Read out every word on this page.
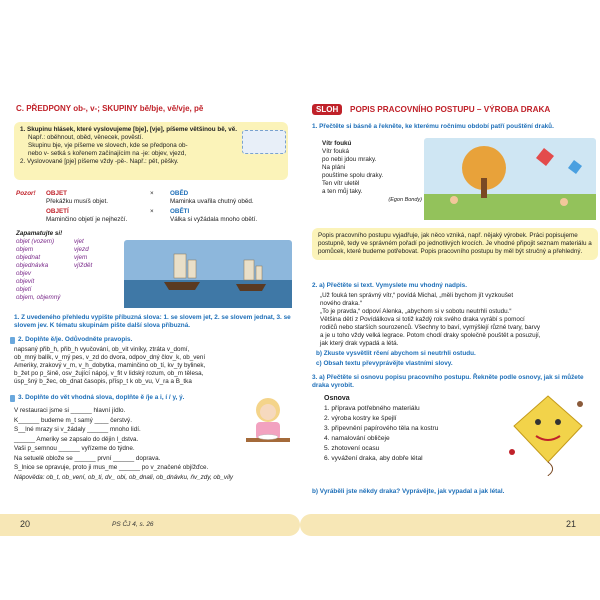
C. PŘEDPONY ob-, v-; SKUPINY bě/bje, vě/vje, pě
1. Skupinu hlásek, které vyslovujeme [bje], [vje], píšeme většinou bě, vě.
Např.: oběhnout, oběd, věnecek, pověstí.
Skupinu bje, vje píšeme ve slovech, kde se předpona ob-
nebo v- setká s kořenem začínajícím na -je: objev, vjezd,
2. Vyslovované [pje] píšeme vždy -pě-. Např.: pět, pěšky.
Pozor! OBJET	×	OBĚD
Překážku musíš objet.	Maminka uvařila chutný oběd.
OBJETÍ	×	OBĚTI
Maminčino objetí je nejhezčí.	Válka si vyžádala mnoho obětí.
Zapamatujte si!
objet (vozem)
objem
objednat
objednávka
objev
objevit
objetí
objem, objemný
vjet
vjezd
vjem
vjíždět
1. Z uvedeného přehledu vypište příbuzná slova: 1. se slovem jet, 2. se slovem jednat, 3. se slovem jev. K tématu skupinám pište další slova příbuzná.
2. Doplňte ě/je. Odůvodněte pravopis.
napsaný přib_h, přib_h vyučování, ob_vit viníky, ztráta v_domí,
ob_mný balík, v_rný pes, v_zd do dvora, odpov_dný člov_k, ob_vení
Ameriky, zrakový v_m, v_h_dobytka, maminčino ob_tí, kv_ty bylinek,
b_žet po p_šině, osv_žující nápoj, v_fit v lidský rozum, ob_m tělesa,
úsp_šný b_žec, ob_dnat časopis, přísp_t k ob_vu, V_ra a B_tka
3. Doplňte do vět vhodná slova, doplňte ě /je a i, í / y, ý.
V restauraci jsme si ______ hlavní jídlo.
K______ budeme m_t samý ____ čerstvý.
S__lné mrazy si v_žádaly ______ mnoho lidí.
______ Ameriky se zapsalo do dějin l_dstva.
Vaši p_semnou ______ vyřízeme do týdne.
Na setuelě oblože se ______ první ______ doprava.
S_lnice se opravuje, proto ji mus_me ______ po v_značené objížďce.
Nápověda: ob_t, ob_vení, ob_ti, dv_ obi, ob_dnali, ob_dnávku, ňv_zdy, ob_vily
SLOH	POPIS PRACOVNÍHO POSTUPU – VÝROBA DRAKA
1. Přečtěte si básně a řekněte, ke kterému ročnímu období patří pouštění draků.
Vítr foukú
Vítr fouká
po nebi jdou mraky.
Na pláni
pouštíme spolu draky.
Ten vítr uletěl
a ten můj taky.
(Egon Bondy)
Popis pracovního postupu vyjadřuje, jak něco vzniká, např. nějaký výrobek. Práci popisujeme postupně, tedy ve správném pořadí po jednotlivých krocích. Je vhodné připojit seznam materiálu a pomůcek, které budeme potřebovat. Popis pracovního postupu by měl být stručný a přehledný.
2. a) Přečtěte si text. Vymyslete mu vhodný nadpis.
„Už fouká ten správný vítr,“ povídá Michal, „měli bychom jít vyzkoušet
nového draka.“
„To je pravda,“ odpoví Alenka, „abychom si v sobotu neutrhli ostudu.“
Většina dětí z Povídálkova si totiž každý rok svého draka vyrábí s pomocí
rodičů nebo starších sourozenců. Všechny to baví, vymýšlejí různé tvary, barvy
a je u toho vždy velká legrace. Potom chodí draky společně pouštět a posuzují,
jak který drak vypadá a létá.
b) Zkuste vysvětlit rčení abychom si neutrhli ostudu.
c) Obsah textu převyprávějte vlastními slovy.
3. a) Přečtěte si osnovu popisu pracovního postupu. Řekněte podle osnovy, jak si můžete draka vyrobit.
Osnova
1. příprava potřebného materiálu
2. výroba kostry ke špejlí
3. připevnění papírového těla na kostru
4. namalování obličeje
5. zhotovení ocasu
6. vyvážení draka, aby dobře létal
b) Vyráběli jste někdy draka? Vyprávějte, jak vypadal a jak létal.
20	PS ČJ 4, s. 26	21
